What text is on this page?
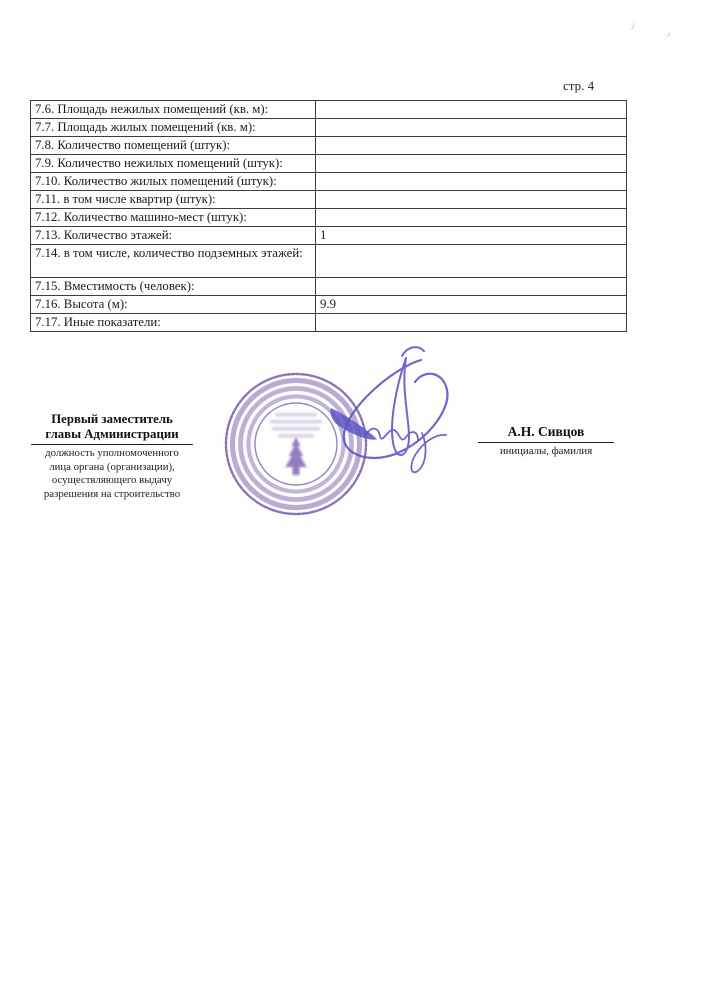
стр. 4
7.6. Площадь нежилых помещений (кв. м):	
7.7. Площадь жилых помещений (кв. м):	
7.8. Количество помещений (штук):	
7.9. Количество нежилых помещений (штук):	
7.10. Количество жилых помещений (штук):	
7.11. в том числе квартир (штук):	
7.12. Количество машино-мест (штук):	
7.13. Количество этажей:	1
7.14. в том числе, количество подземных этажей:	
7.15. Вместимость (человек):	
7.16. Высота (м):	9.9
7.17. Иные показатели:	
Первый заместитель
главы Администрации
должность уполномоченного
лица органа (организации),
осуществляющего выдачу
разрешения на строительство
А.Н. Сивцов
инициалы, фамилия
